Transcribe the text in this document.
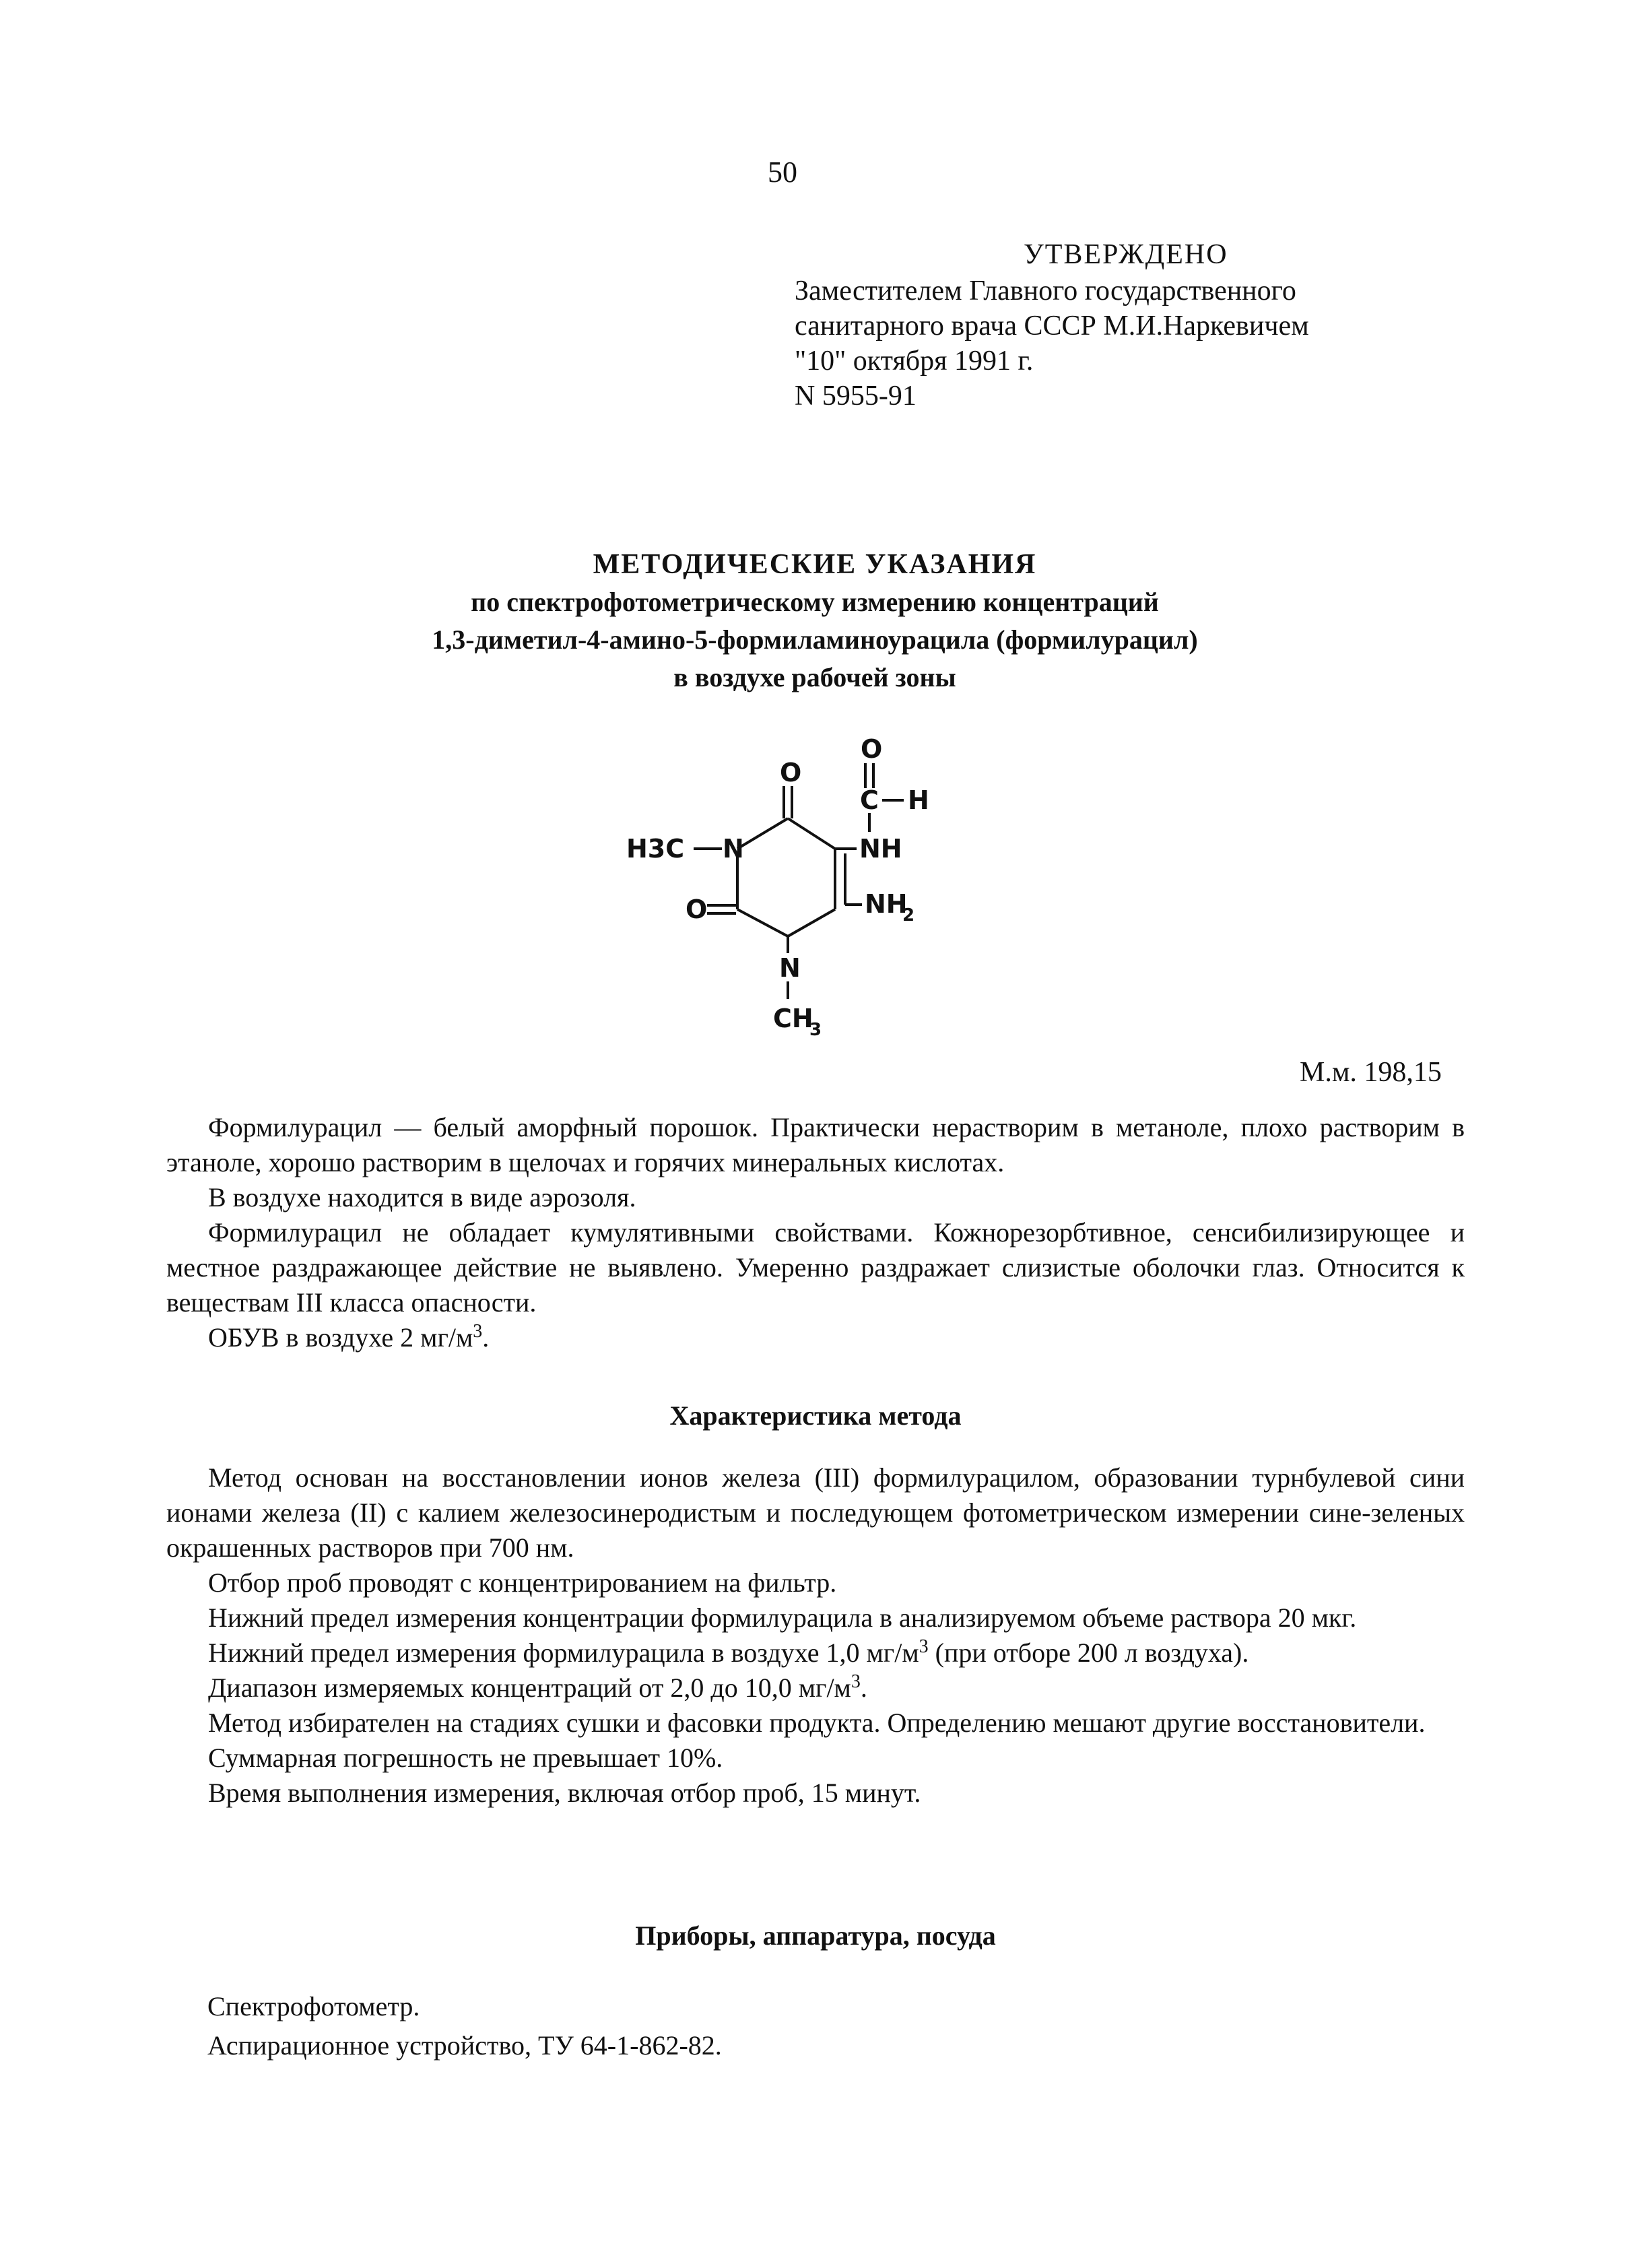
50
УТВЕРЖДЕНО
Заместителем Главного государственного
санитарного врача СССР М.И.Наркевичем
"10" октября 1991 г.
N 5955-91
МЕТОДИЧЕСКИЕ УКАЗАНИЯ
по спектрофотометрическому измерению концентраций
1,3-диметил-4-амино-5-формиламиноурацила (формилурацил)
в воздухе рабочей зоны
O
C H
O
H3C N	NH
O	NH
2
N
CH
3
М.м. 198,15

Формилурацил — белый аморфный порошок. Практически нерастворим в метаноле, плохо растворим в этаноле, хорошо растворим в щелочах и горячих минеральных кислотах.

В воздухе находится в виде аэрозоля.

Формилурацил не обладает кумулятивными свойствами. Кожнорезорбтивное, сенсибилизирующее и местное раздражающее действие не выявлено. Умеренно раздражает слизистые оболочки глаз. Относится к веществам III класса опасности.

ОБУВ в воздухе 2 $мг/м^3$.

Характеристика метода

Метод основан на восстановлении ионов железа (III) формилурацилом, образовании турнбулевой сини ионами железа (II) с калием железосинеродистым и последующем фотометрическом измерении сине-зеленых окрашенных растворов при 700 нм.

Отбор проб проводят с концентрированием на фильтр.

Нижний предел измерения концентрации формилурацила в анализируемом объеме раствора 20 мкг.

Нижний предел измерения формилурацила в воздухе 1,0 $мг/м^3$ (при отборе 200 л воздуха).

Диапазон измеряемых концентраций от 2,0 до 10,0 $мг/м^3$.

Метод избирателен на стадиях сушки и фасовки продукта. Определению мешают другие восстановители.

Суммарная погрешность не превышает 10%.

Время выполнения измерения, включая отбор проб, 15 минут.

Приборы, аппаратура, посуда

Спектрофотометр.

Аспирационное устройство, ТУ 64-1-862-82.
